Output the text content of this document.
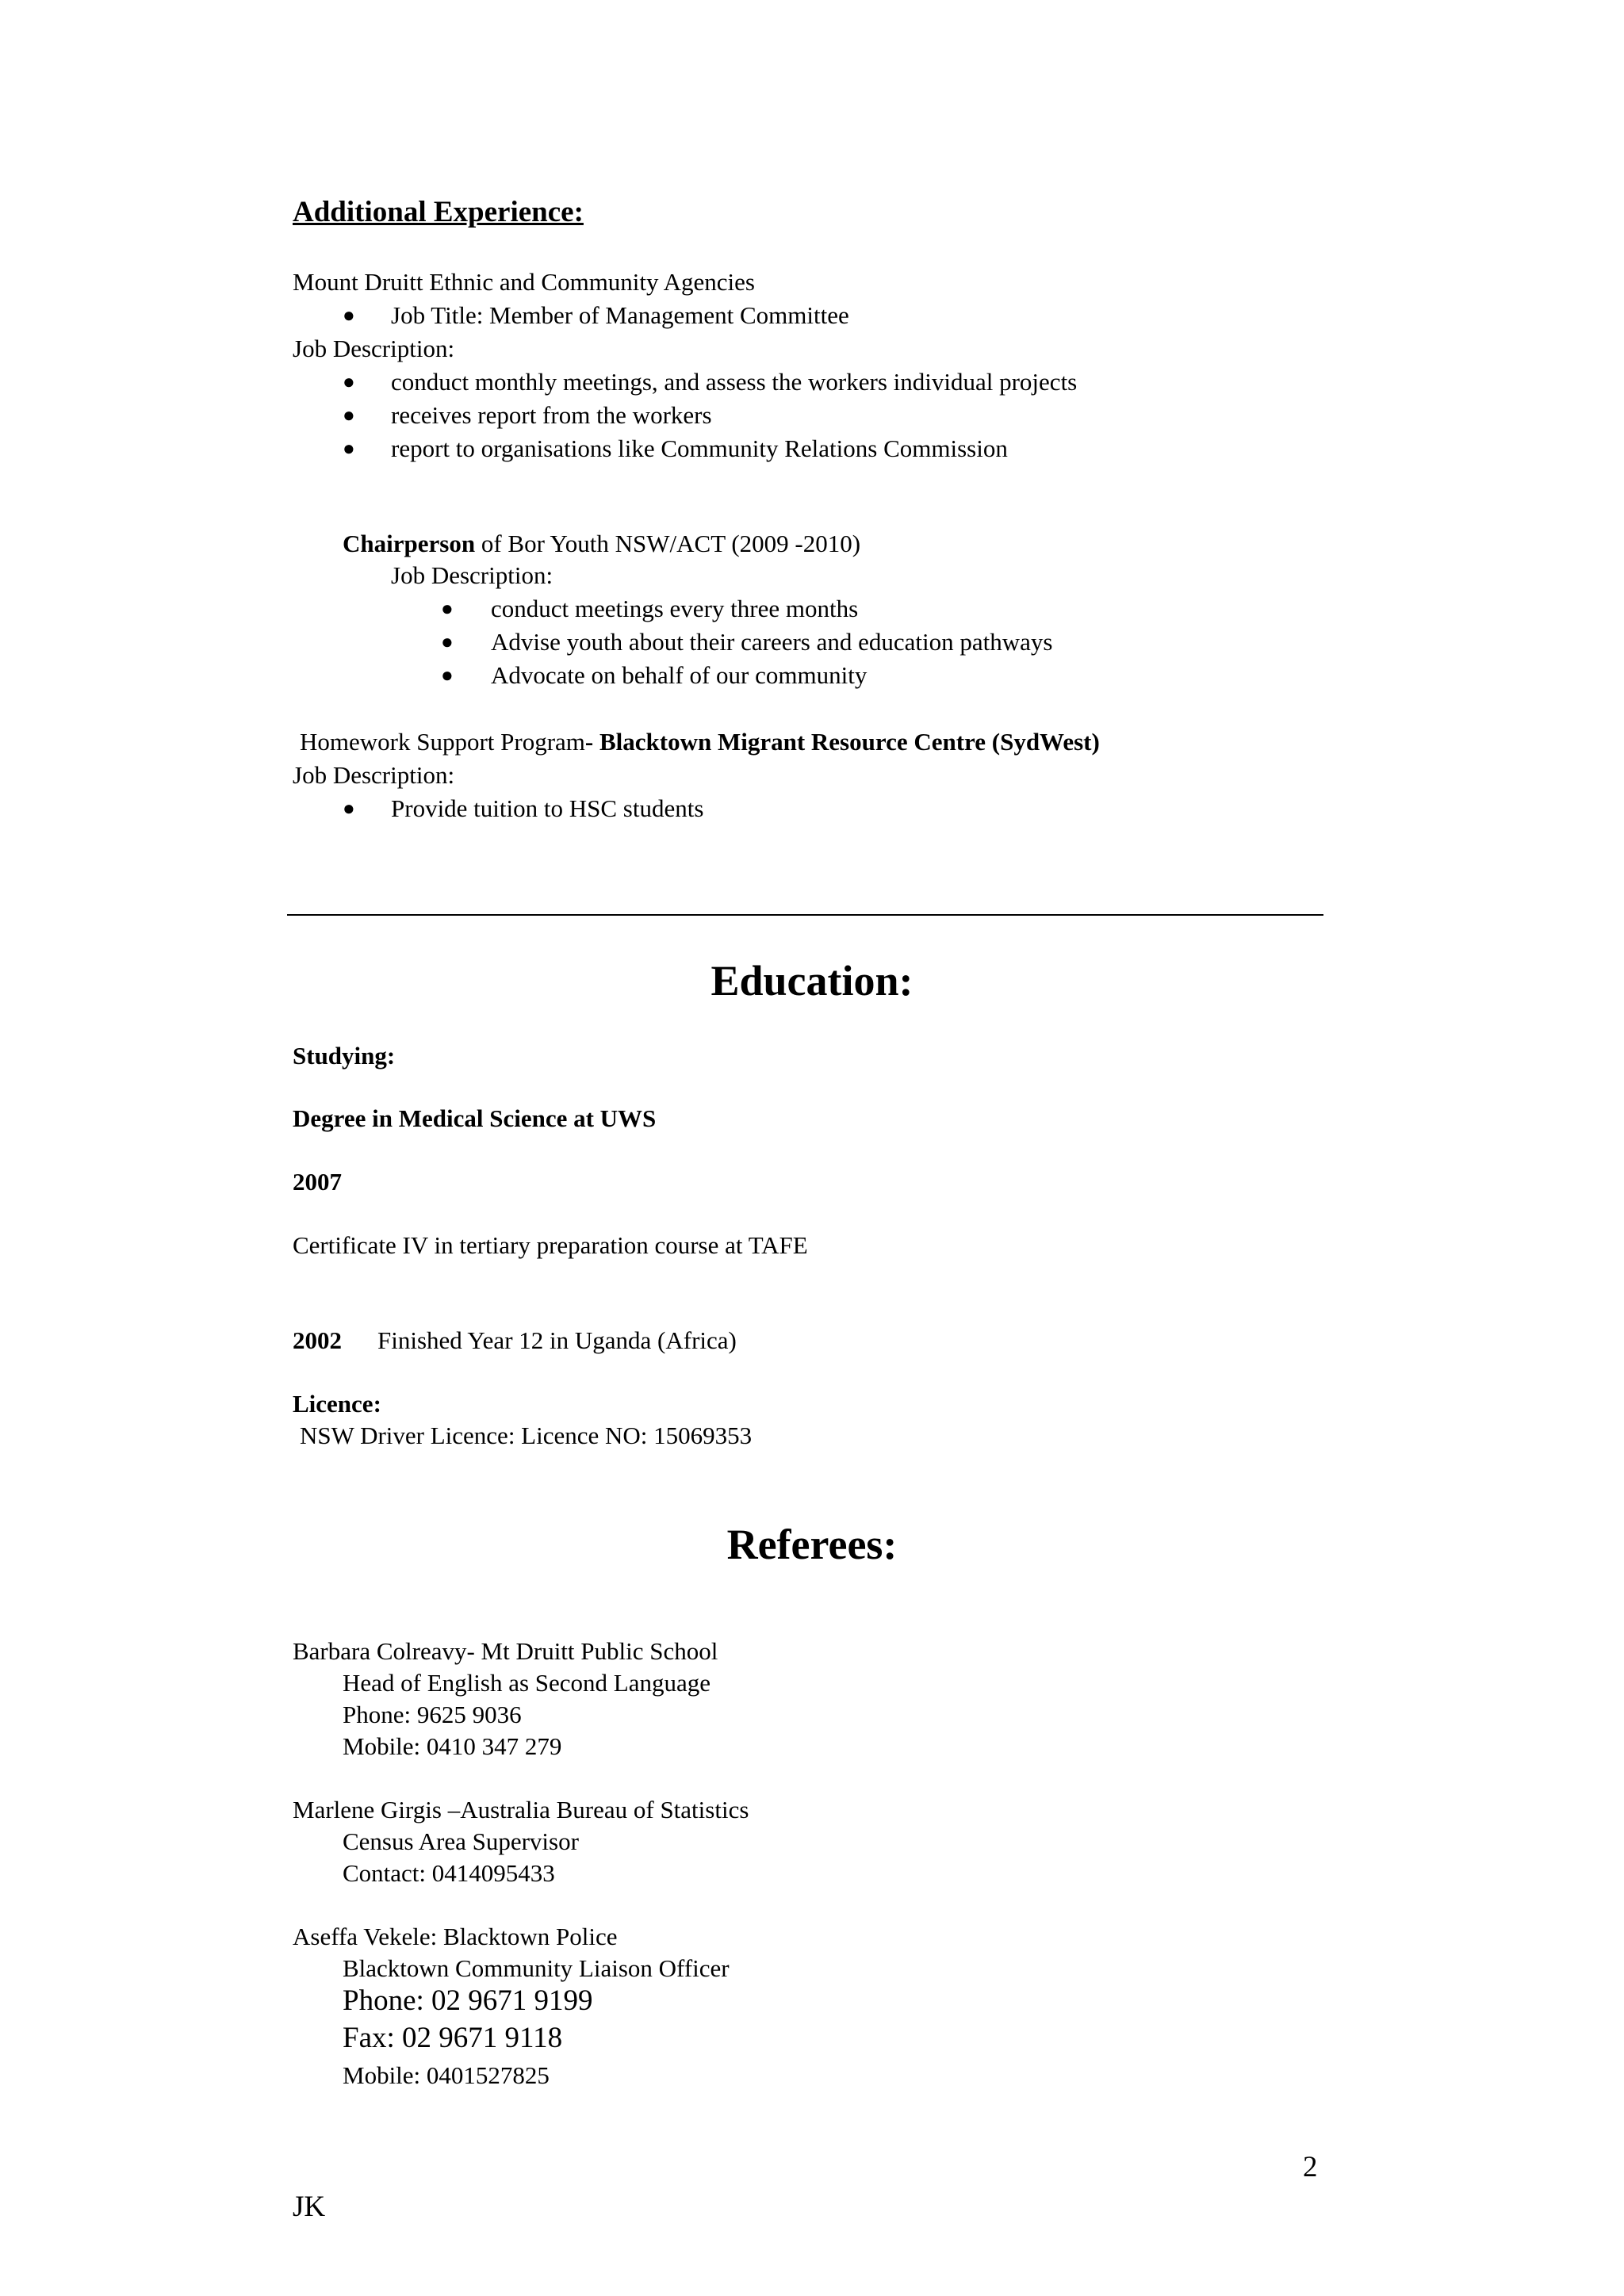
Additional Experience:
Mount Druitt Ethnic and Community Agencies
● Job Title: Member of Management Committee
Job Description:
● conduct monthly meetings, and assess the workers individual projects
● receives report from the workers
● report to organisations like Community Relations Commission
Chairperson of Bor Youth NSW/ACT (2009 -2010)
Job Description:
● conduct meetings every three months
● Advise youth about their careers and education pathways
● Advocate on behalf of our community
Homework Support Program- Blacktown Migrant Resource Centre (SydWest)
Job Description:
● Provide tuition to HSC students
Education:
Studying:
Degree in Medical Science at UWS
2007
Certificate IV in tertiary preparation course at TAFE
2002 Finished Year 12 in Uganda (Africa)
Licence:
NSW Driver Licence: Licence NO: 15069353
Referees:
Barbara Colreavy- Mt Druitt Public School
Head of English as Second Language
Phone: 9625 9036
Mobile: 0410 347 279
Marlene Girgis –Australia Bureau of Statistics
Census Area Supervisor
Contact: 0414095433
Aseffa Vekele: Blacktown Police
Blacktown Community Liaison Officer
Phone: 02 9671 9199
Fax: 02 9671 9118
Mobile: 0401527825
2
JK
